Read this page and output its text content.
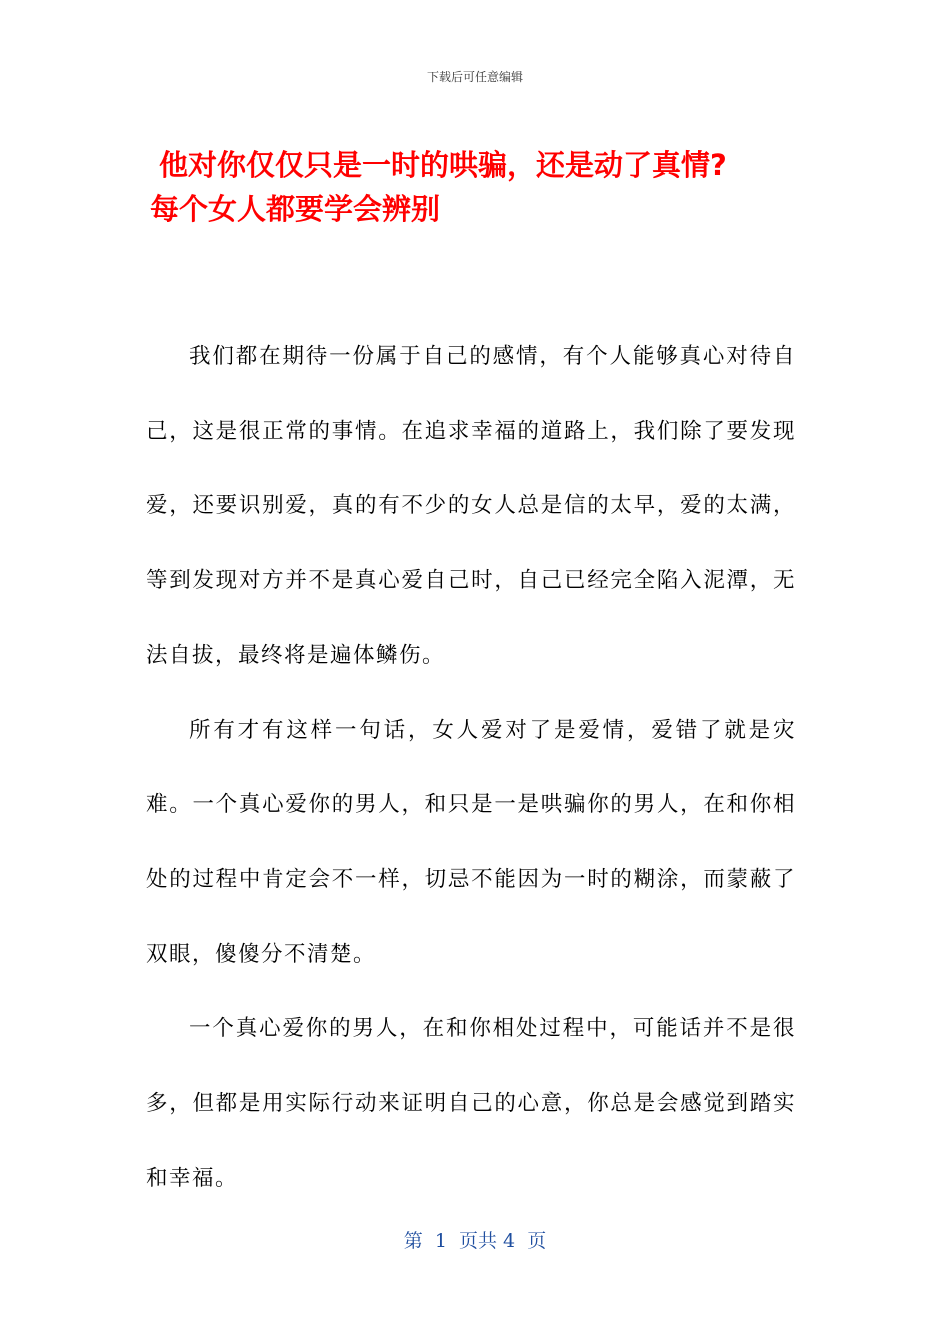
下载后可任意编辑
他对你仅仅只是一时的哄骗，还是动了真情?
每个女人都要学会辨别

我们都在期待一份属于自己的感情，有个人能够真心对待自己，这是很正常的事情。在追求幸福的道路上，我们除了要发现爱，还要识别爱，真的有不少的女人总是信的太早，爱的太满，等到发现对方并不是真心爱自己时，自己已经完全陷入泥潭，无法自拔，最终将是遍体鳞伤。

所有才有这样一句话，女人爱对了是爱情，爱错了就是灾难。一个真心爱你的男人，和只是一是哄骗你的男人，在和你相处的过程中肯定会不一样，切忌不能因为一时的糊涂，而蒙蔽了双眼，傻傻分不清楚。

一个真心爱你的男人，在和你相处过程中，可能话并不是很多，但都是用实际行动来证明自己的心意，你总是会感觉到踏实和幸福。

第  1  页共 4  页
